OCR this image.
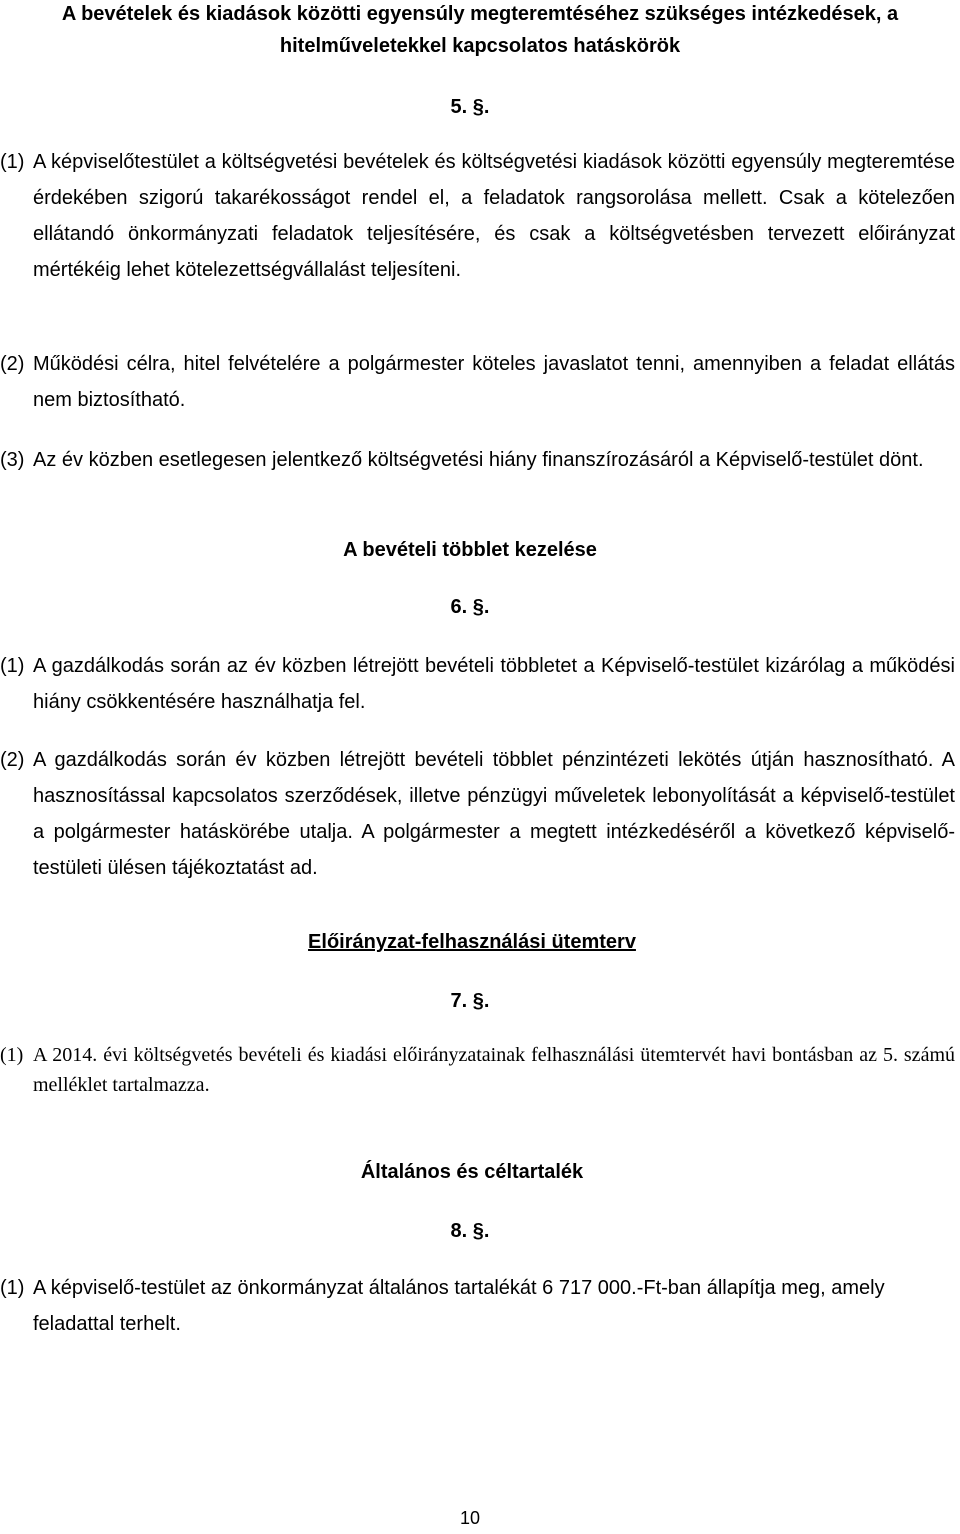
A bevételek és kiadások közötti egyensúly megteremtéséhez szükséges intézkedések, a hitelműveletekkel kapcsolatos hatáskörök

5. §.

(1) A képviselőtestület a költségvetési bevételek és költségvetési kiadások közötti egyensúly megteremtése érdekében szigorú takarékosságot rendel el, a feladatok rangsorolása mellett. Csak a kötelezően ellátandó önkormányzati feladatok teljesítésére, és csak a költségvetésben tervezett előirányzat mértékéig lehet kötelezettségvállalást teljesíteni.
(2) Működési célra, hitel felvételére a polgármester köteles javaslatot tenni, amennyiben a feladat ellátás nem biztosítható.
(3) Az év közben esetlegesen jelentkező költségvetési hiány finanszírozásáról a Képviselő-testület dönt.
A bevételi többlet kezelése

6. §.

(1) A gazdálkodás során az év közben létrejött bevételi többletet a Képviselő-testület kizárólag a működési hiány csökkentésére használhatja fel.
(2) A gazdálkodás során év közben létrejött bevételi többlet pénzintézeti lekötés útján hasznosítható. A hasznosítással kapcsolatos szerződések, illetve pénzügyi műveletek lebonyolítását a képviselő-testület a polgármester hatáskörébe utalja. A polgármester a megtett intézkedéséről a következő képviselő-testületi ülésen tájékoztatást ad.
Előirányzat-felhasználási ütemterv

7. §.

(1) A 2014. évi költségvetés bevételi és kiadási előirányzatainak felhasználási ütemtervét havi bontásban az 5. számú melléklet tartalmazza.
Általános és céltartalék

8. §.

(1) A képviselő-testület az önkormányzat általános tartalékát 6 717 000.-Ft-ban állapítja meg, amely feladattal terhelt.

10
